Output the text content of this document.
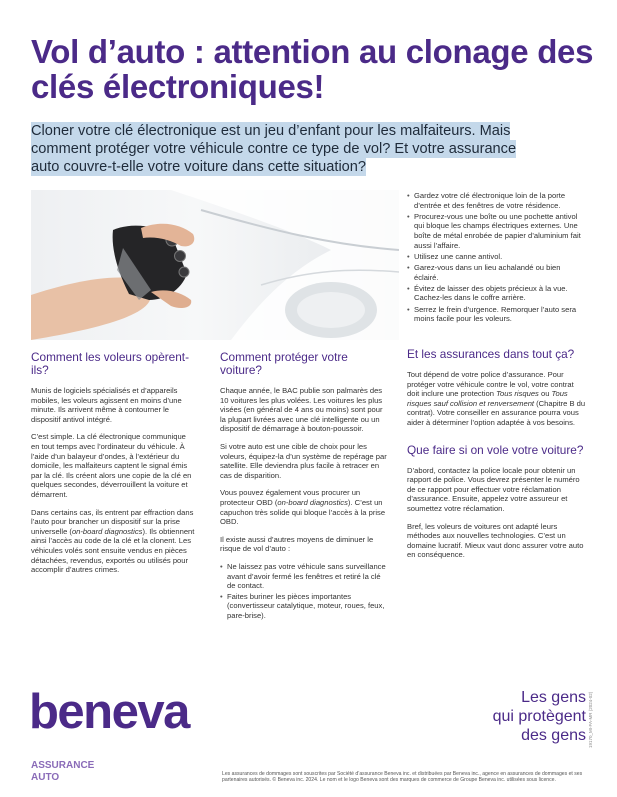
Vol d’auto : attention au clonage des clés électroniques!

Cloner votre clé électronique est un jeu d’enfant pour les malfaiteurs. Mais comment protéger votre véhicule contre ce type de vol? Et votre assurance auto couvre-t-elle votre voiture dans cette situation?

• Gardez votre clé électronique loin de la porte d’entrée et des fenêtres de votre résidence.
• Procurez-vous une boîte ou une pochette antivol qui bloque les champs électriques externes. Une boîte de métal enrobée de papier d’aluminium fait aussi l’affaire.
• Utilisez une canne antivol.
• Garez-vous dans un lieu achalandé ou bien éclairé.
• Évitez de laisser des objets précieux à la vue. Cachez-les dans le coffre arrière.
• Serrez le frein d’urgence. Remorquer l’auto sera moins facile pour les voleurs.
Comment les voleurs opèrent-ils?

Munis de logiciels spécialisés et d’appareils mobiles, les voleurs agissent en moins d’une minute. Ils arrivent même à contourner le dispositif antivol intégré.

C’est simple. La clé électronique communique en tout temps avec l’ordinateur du véhicule. À l’aide d’un balayeur d’ondes, à l’extérieur du domicile, les malfaiteurs captent le signal émis par la clé. Ils créent alors une copie de la clé en quelques secondes, déverrouillent la voiture et démarrent.

Dans certains cas, ils entrent par effraction dans l’auto pour brancher un dispositif sur la prise universelle (on-board diagnostics). Ils obtiennent ainsi l’accès au code de la clé et la clonent. Les véhicules volés sont ensuite vendus en pièces détachées, revendus, exportés ou utilisés pour accomplir d’autres crimes.

Comment protéger votre voiture?

Chaque année, le BAC publie son palmarès des 10 voitures les plus volées. Les voitures les plus visées (en général de 4 ans ou moins) sont pour la plupart livrées avec une clé intelligente ou un dispositif de démarrage à bouton-poussoir.

Si votre auto est une cible de choix pour les voleurs, équipez-la d’un système de repérage par satellite. Elle deviendra plus facile à retracer en cas de disparition.

Vous pouvez également vous procurer un protecteur OBD (on-board diagnostics). C’est un capuchon très solide qui bloque l’accès à la prise OBD.

Il existe aussi d’autres moyens de diminuer le risque de vol d’auto :

• Ne laissez pas votre véhicule sans surveillance avant d’avoir fermé les fenêtres et retiré la clé de contact.
• Faites buriner les pièces importantes (convertisseur catalytique, moteur, roues, feux, pare-brise).
Et les assurances dans tout ça?

Tout dépend de votre police d’assurance. Pour protéger votre véhicule contre le vol, votre contrat doit inclure une protection Tous risques ou Tous risques sauf collision et renversement (Chapitre B du contrat). Votre conseiller en assurance pourra vous aider à déterminer l’option adaptée à vos besoins.

Que faire si on vole votre voiture?

D’abord, contactez la police locale pour obtenir un rapport de police. Vous devrez présenter le numéro de ce rapport pour effectuer votre réclamation d’assurance. Ensuite, appelez votre assureur et soumettez votre réclamation.

Bref, les voleurs de voitures ont adapté leurs méthodes aux nouvelles technologies. C’est un domaine lucratif. Mieux vaut donc assurer votre auto en conséquence.

beneva
ASSURANCE
AUTO
Les gens
qui protègent
des gens

Les assurances de dommages sont souscrites par Société d’assurance Beneva inc. et distribuées par Beneva inc., agence en assurances de dommages et ses partenaires autorisés. © Beneva inc. 2024. Le nom et le logo Beneva sont des marques de commerce de Groupe Beneva inc. utilisées sous licence.

19170_MI-FA-MR (2024-02)
